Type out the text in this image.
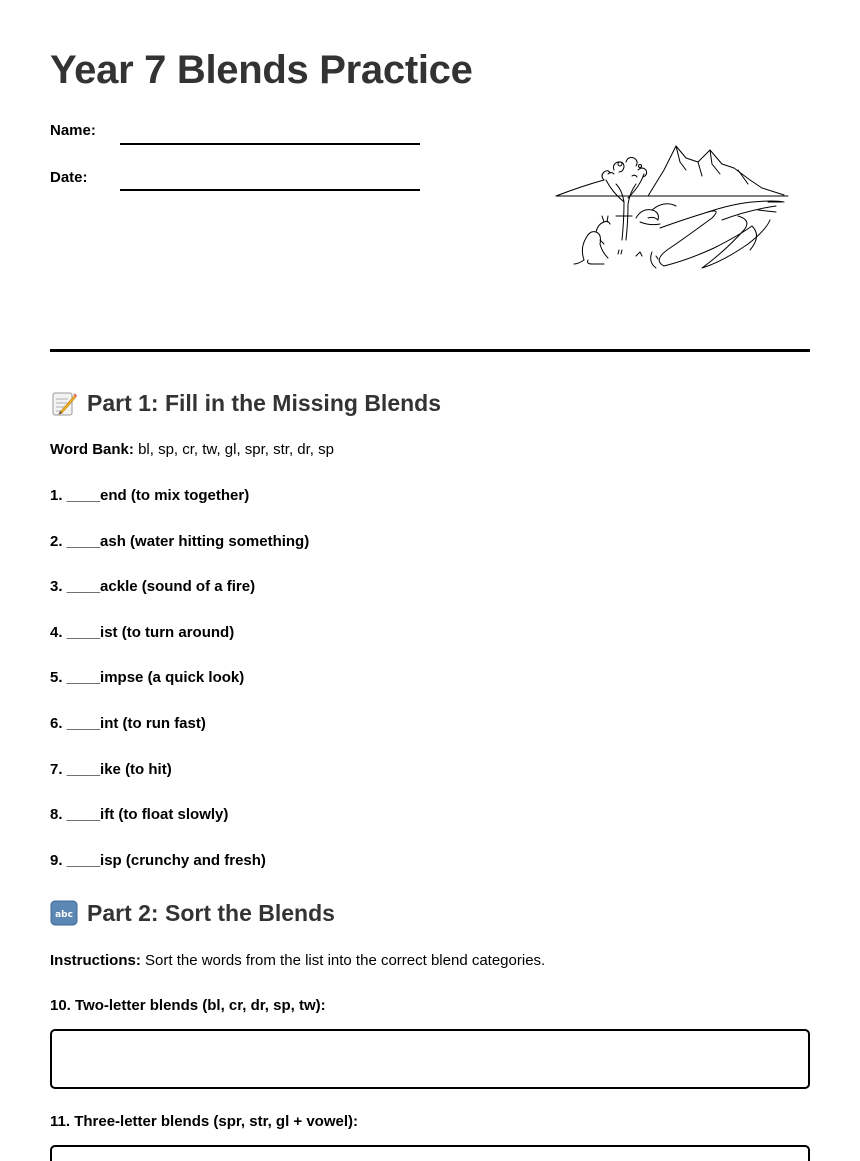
Year 7 Blends Practice
Name:
Date:
Part 1: Fill in the Missing Blends
Word Bank: bl, sp, cr, tw, gl, spr, str, dr, sp
1. ____end (to mix together)
2. ____ash (water hitting something)
3. ____ackle (sound of a fire)
4. ____ist (to turn around)
5. ____impse (a quick look)
6. ____int (to run fast)
7. ____ike (to hit)
8. ____ift (to float slowly)
9. ____isp (crunchy and fresh)
abc Part 2: Sort the Blends
Instructions: Sort the words from the list into the correct blend categories.
10. Two-letter blends (bl, cr, dr, sp, tw):
11. Three-letter blends (spr, str, gl + vowel):
